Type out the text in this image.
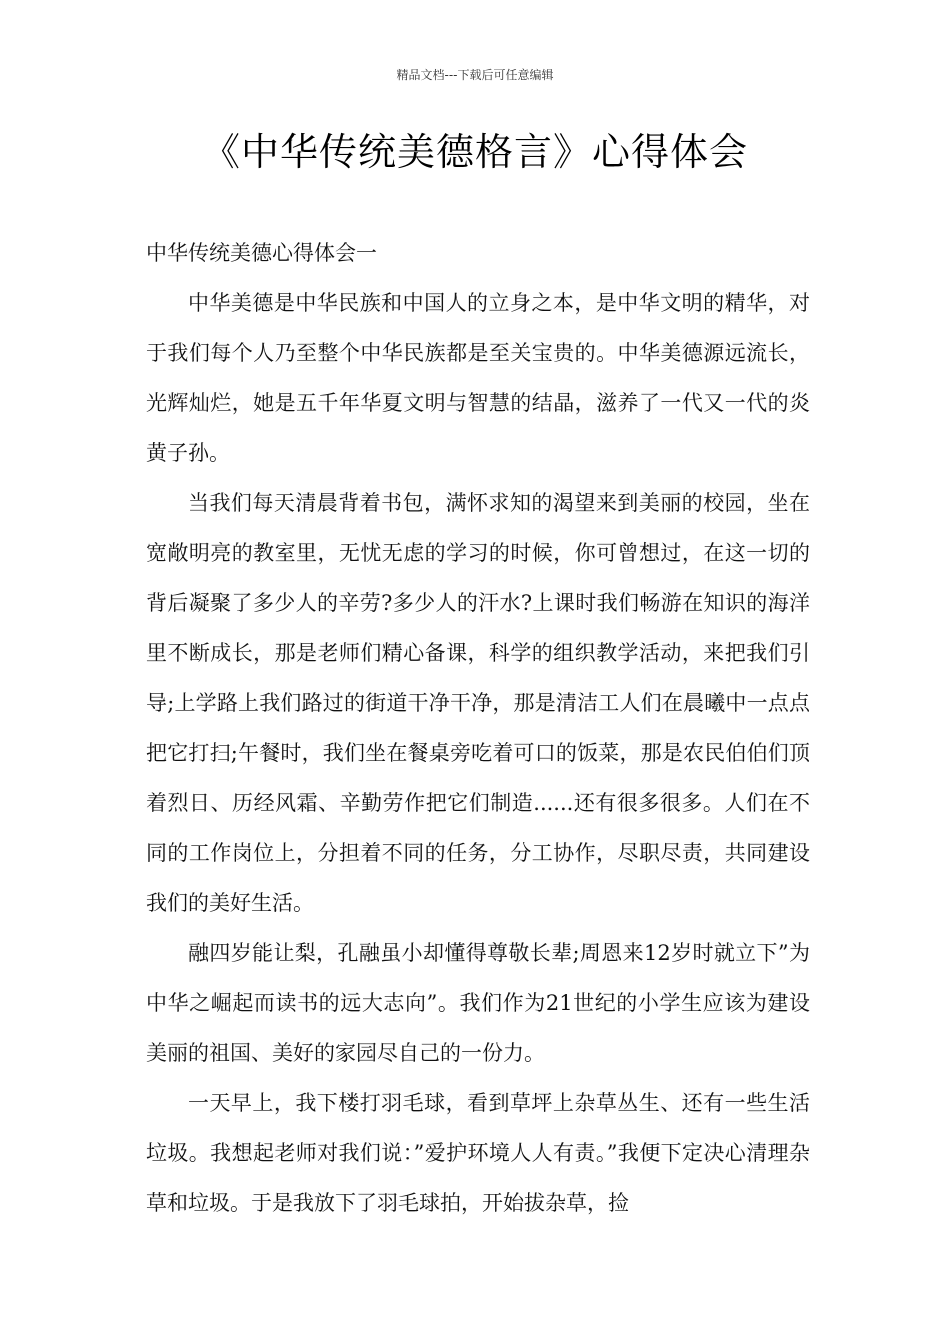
精品文档---下载后可任意编辑
《中华传统美德格言》心得体会

中华传统美德心得体会一

中华美德是中华民族和中国人的立身之本，是中华文明的精华，对于我们每个人乃至整个中华民族都是至关宝贵的。中华美德源远流长，光辉灿烂，她是五千年华夏文明与智慧的结晶，滋养了一代又一代的炎黄子孙。

当我们每天清晨背着书包，满怀求知的渴望来到美丽的校园，坐在宽敞明亮的教室里，无忧无虑的学习的时候，你可曾想过，在这一切的背后凝聚了多少人的辛劳?多少人的汗水?上课时我们畅游在知识的海洋里不断成长，那是老师们精心备课，科学的组织教学活动，来把我们引导;上学路上我们路过的街道干净干净，那是清洁工人们在晨曦中一点点把它打扫;午餐时，我们坐在餐桌旁吃着可口的饭菜，那是农民伯伯们顶着烈日、历经风霜、辛勤劳作把它们制造......还有很多很多。人们在不同的工作岗位上，分担着不同的任务，分工协作，尽职尽责，共同建设我们的美好生活。

融四岁能让梨，孔融虽小却懂得尊敬长辈;周恩来12岁时就立下”为中华之崛起而读书的远大志向”。我们作为21世纪的小学生应该为建设美丽的祖国、美好的家园尽自己的一份力。

一天早上，我下楼打羽毛球，看到草坪上杂草丛生、还有一些生活垃圾。我想起老师对我们说：”爱护环境人人有责。”我便下定决心清理杂草和垃圾。于是我放下了羽毛球拍，开始拔杂草，捡
